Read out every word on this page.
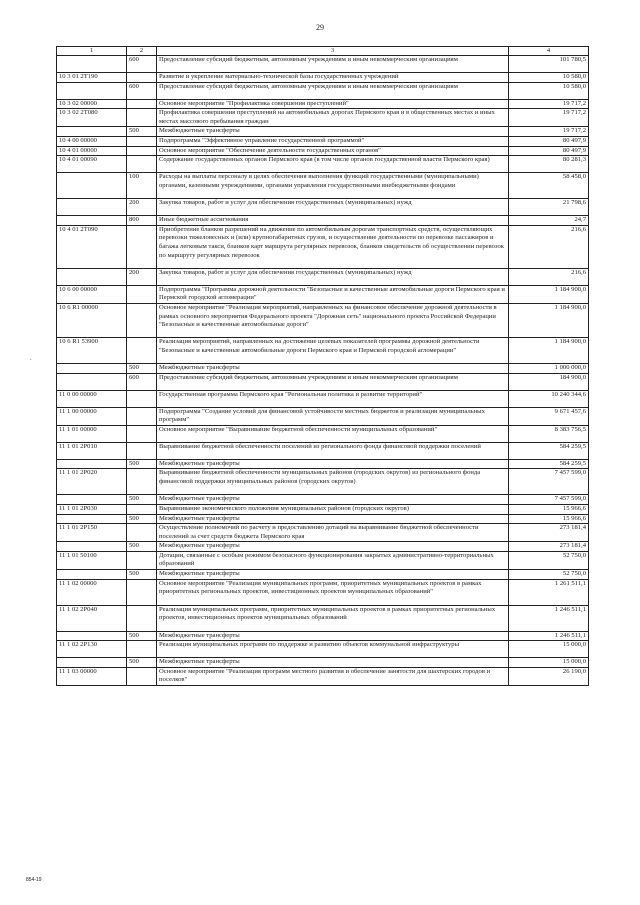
29
.
1	2	3	4
	600	Предоставление субсидий бюджетным, автономным учреждениям и иным некоммерческим организациям	101 780,5
10 3 01 2Т190		Развитие и укрепление материально-технической базы государственных учреждений	10 580,0
	600	Предоставление субсидий бюджетным, автономным учреждениям и иным некоммерческим организациям	10 580,0
10 3 02 00000		Основное мероприятие "Профилактика совершения преступлений"	19 717,2
10 3 02 2Т080		Профилактика совершения преступлений на автомобильных дорогах Пермского края и в общественных местах и иных местах массового пребывания граждан	19 717,2
	500	Межбюджетные трансферты	19 717,2
10 4 00 00000		Подпрограмма "Эффективное управление государственной программой"	80 497,9
10 4 01 00000		Основное мероприятие "Обеспечение деятельности государственных органов"	80 497,9
10 4 01 00090		Содержание государственных органов Пермского края (в том числе органов государственной власти Пермского края)	80 281,3
	100	Расходы на выплаты персоналу в целях обеспечения выполнения функций государственными (муниципальными) органами, казенными учреждениями, органами управления государственными внебюджетными фондами	58 458,0
	200	Закупка товаров, работ и услуг для обеспечения государственных (муниципальных) нужд	21 798,6
	800	Иные бюджетные ассигнования	24,7
10 4 01 2Т090		Приобретение бланков разрешений на движение по автомобильным дорогам транспортных средств, осуществляющих перевозки тяжеловесных и (или) крупногабаритных грузов, и осуществление деятельности по перевозке пассажиров и багажа легковым такси, бланков карт маршрута регулярных перевозок, бланков свидетельств об осуществлении перевозок по маршруту регулярных перевозок	216,6
	200	Закупка товаров, работ и услуг для обеспечения государственных (муниципальных) нужд	216,6
10 6 00 00000		Подпрограмма "Программа дорожной деятельности "Безопасные и качественные автомобильные дороги Пермского края и Пермской городской агломерации"	1 184 900,0
10 6 R1 00000		Основное мероприятие "Реализация мероприятий, направленных на финансовое обеспечение дорожной деятельности в рамках основного мероприятия Федерального проекта "Дорожная сеть" национального проекта Российской Федерации "Безопасные и качественные автомобильные дороги"	1 184 900,0
10 6 R1 53900		Реализация мероприятий, направленных на достижение целевых показателей программы дорожной деятельности "Безопасные и качественные автомобильные дороги Пермского края и Пермской городской агломерации"	1 184 900,0
	500	Межбюджетные трансферты	1 000 000,0
	600	Предоставление субсидий бюджетным, автономным учреждениям и иным некоммерческим организациям	184 900,0
11 0 00 00000		Государственная программа Пермского края "Региональная политика и развитие территорий"	10 240 344,6
11 1 00 00000		Подпрограмма "Создание условий для финансовой устойчивости местных бюджетов и реализации муниципальных программ"	9 671 457,6
11 1 01 00000		Основное мероприятие "Выравнивание бюджетной обеспеченности муниципальных образований"	8 383 756,5
11 1 01 2Р010		Выравнивание бюджетной обеспеченности поселений из регионального фонда финансовой поддержки поселений	584 259,5
	500	Межбюджетные трансферты	584 259,5
11 1 01 2Р020		Выравнивание бюджетной обеспеченности муниципальных районов (городских округов) из регионального фонда финансовой поддержки муниципальных районов (городских округов)	7 457 599,0
	500	Межбюджетные трансферты	7 457 599,0
11 1 01 2Р030		Выравнивание экономического положения муниципальных районов (городских округов)	15 966,6
	500	Межбюджетные трансферты	15 966,6
11 1 01 2Р150		Осуществление полномочий по расчету и предоставлению дотаций на выравнивание бюджетной обеспеченности поселений за счет средств бюджета Пермского края	273 181,4
	500	Межбюджетные трансферты	273 181,4
11 1 01 50100		Дотации, связанные с особым режимом безопасного функционирования закрытых административно-территориальных образований	52 750,0
	500	Межбюджетные трансферты	52 750,0
11 1 02 00000		Основное мероприятие "Реализация муниципальных программ, приоритетных муниципальных проектов в рамках приоритетных региональных проектов, инвестиционных проектов муниципальных образований"	1 261 511,1
11 1 02 2Р040		Реализация муниципальных программ, приоритетных муниципальных проектов в рамках приоритетных региональных проектов, инвестиционных проектов муниципальных образований	1 246 511,1
	500	Межбюджетные трансферты	1 246 511,1
11 1 02 2Р130		Реализация муниципальных программ по поддержке и развитию объектов коммунальной инфраструктуры	15 000,0
	500	Межбюджетные трансферты	15 000,0
11 1 03 00000		Основное мероприятие "Реализация программ местного развития и обеспечение занятости для шахтерских городов и поселков"	26 190,0
854-19
